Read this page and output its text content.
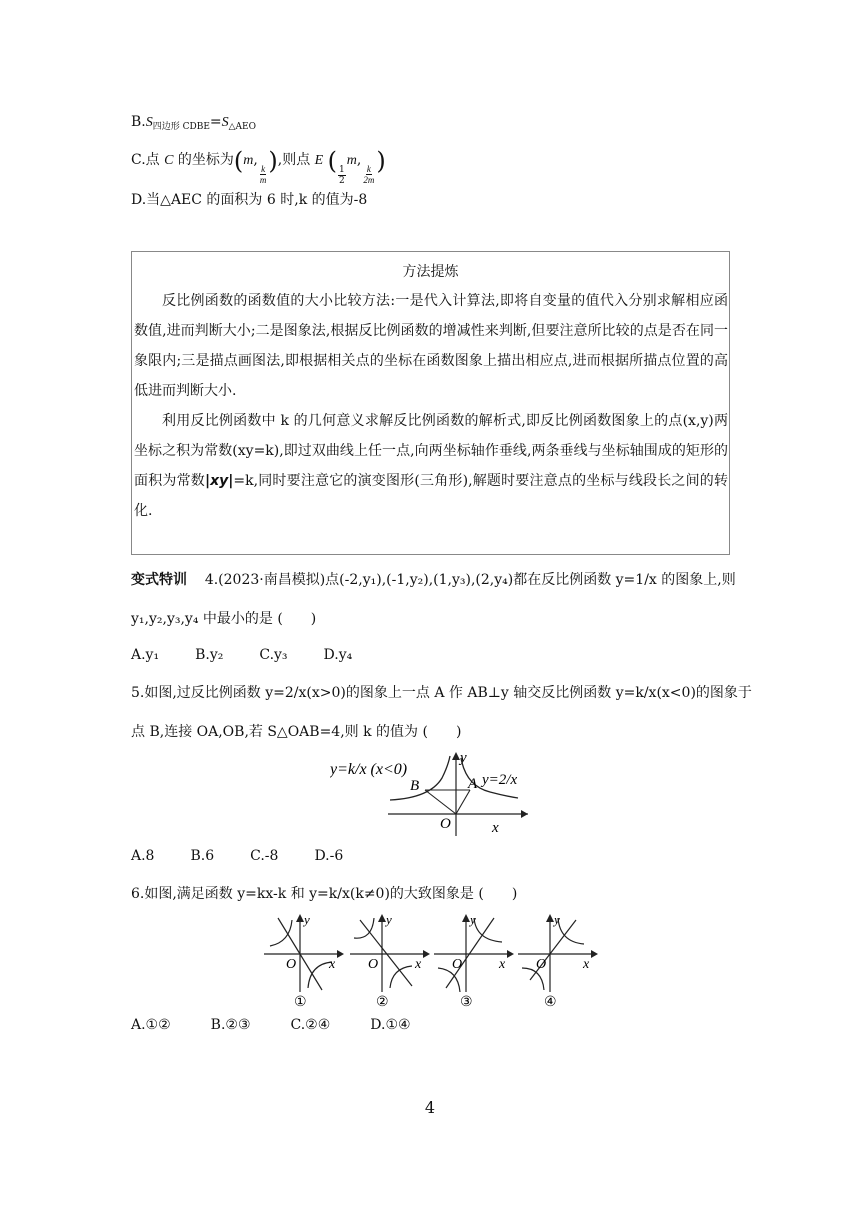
$B.S_{四边形 CDBE}=S_{\triangle AEO}$
C.点 C 的坐标为(m,
$\frac{k}{m}$ ),则点 E (
$\frac{1}{2}$
m,
$\frac{k}{2m}$ )
D.当△AEC 的面积为 6 时,k 的值为-8
方法提炼
反比例函数的函数值的大小比较方法:一是代入计算法,即将自变量的值代入分别求解相应函数值,进而判断大小;二是图象法,根据反比例函数的增减性来判断,但要注意所比较的点是否在同一象限内;三是描点画图法,即根据相关点的坐标在函数图象上描出相应点,进而根据所描点位置的高低进而判断大小.
利用反比例函数中 k 的几何意义求解反比例函数的解析式,即反比例函数图象上的点(x,y)两坐标之积为常数(xy=k),即过双曲线上任一点,向两坐标轴作垂线,两条垂线与坐标轴围成的矩形的面积为常数|xy|=k,同时要注意它的演变图形(三角形),解题时要注意点的坐标与线段长之间的转化.
变式特训 4.(2023·南昌模拟)点(-2,y₁),(-1,y₂),(1,y₃),(2,y₄)都在反比例函数 y=1/x 的图象上,则
y₁,y₂,y₃,y₄ 中最小的是 (　　)
A.y₁	B.y₂	C.y₃	D.y₄
5.如图,过反比例函数 y=2/x(x>0)的图象上一点 A 作 AB⊥y 轴交反比例函数 y=k/x(x<0)的图象于
点 B,连接 OA,OB,若 S△OAB=4,则 k 的值为 (　　)
y=k/x (x<0)
y=2/x
B	A
O	x
y
A.8	B.6	C.-8	D.-6
6.如图,满足函数 y=kx-k 和 y=k/x(k≠0)的大致图象是 (　　)
O x
y
①
O	x
y
②
O	x
y
③
O	x
y
④
A.①②	B.②③	C.②④	D.①④
4
